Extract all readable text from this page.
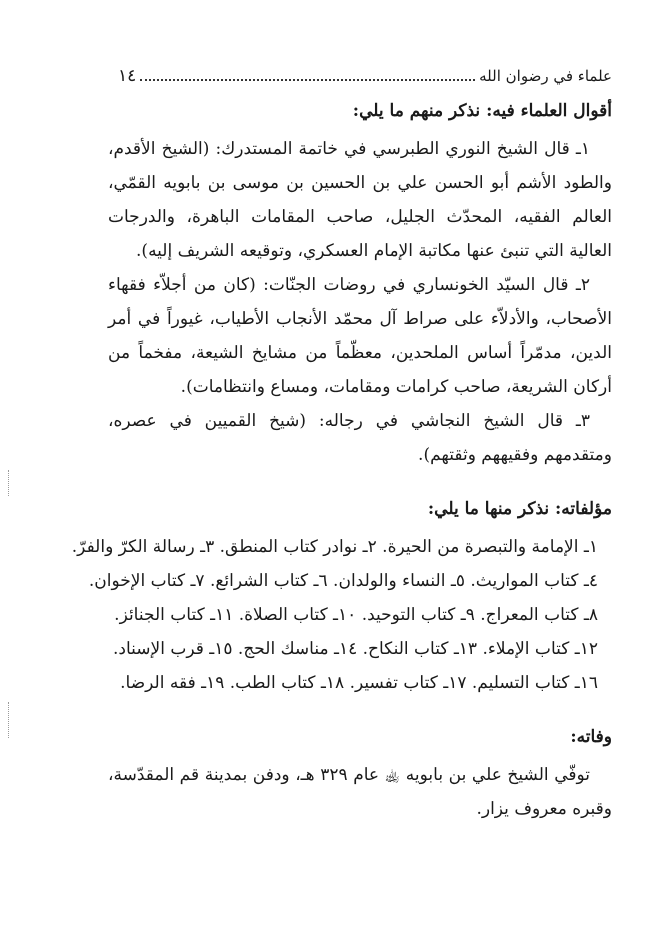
علماء في رضوان الله
١٤

أقوال العلماء فيه: نذكر منهم ما يلي:

١ـ قال الشيخ النوري الطبرسي في خاتمة المستدرك: (الشيخ الأقدم، والطود الأشم أبو الحسن علي بن الحسين بن موسى بن بابويه القمّي، العالم الفقيه، المحدّث الجليل، صاحب المقامات الباهرة، والدرجات العالية التي تنبئ عنها مكاتبة الإمام العسكري، وتوقيعه الشريف إليه).

٢ـ قال السيّد الخونساري في روضات الجنّات: (كان من أجلاّء فقهاء الأصحاب، والأدلاّء على صراط آل محمّد الأنجاب الأطياب، غيوراً في أمر الدين، مدمّراً أساس الملحدين، معظّماً من مشايخ الشيعة، مفخماً من أركان الشريعة، صاحب كرامات ومقامات، ومساع وانتظامات).

٣ـ قال الشيخ النجاشي في رجاله: (شيخ القميين في عصره، ومتقدمهم وفقيههم وثقتهم).

مؤلفاته: نذكر منها ما يلي:

١ـ الإمامة والتبصرة من الحيرة. ٢ـ نوادر كتاب المنطق. ٣ـ رسالة الكرّ والفرّ.

٤ـ كتاب المواريث. ٥ـ النساء والولدان. ٦ـ كتاب الشرائع. ٧ـ كتاب الإخوان.

٨ـ كتاب المعراج. ٩ـ كتاب التوحيد. ١٠ـ كتاب الصلاة. ١١ـ كتاب الجنائز.

١٢ـ كتاب الإملاء. ١٣ـ كتاب النكاح. ١٤ـ مناسك الحج. ١٥ـ قرب الإسناد.

١٦ـ كتاب التسليم. ١٧ـ كتاب تفسير. ١٨ـ كتاب الطب. ١٩ـ فقه الرضا.

وفاته:

توفّي الشيخ علي بن بابويه ﵀ عام ٣٢٩ هـ، ودفن بمدينة قم المقدّسة، وقبره معروف يزار.
